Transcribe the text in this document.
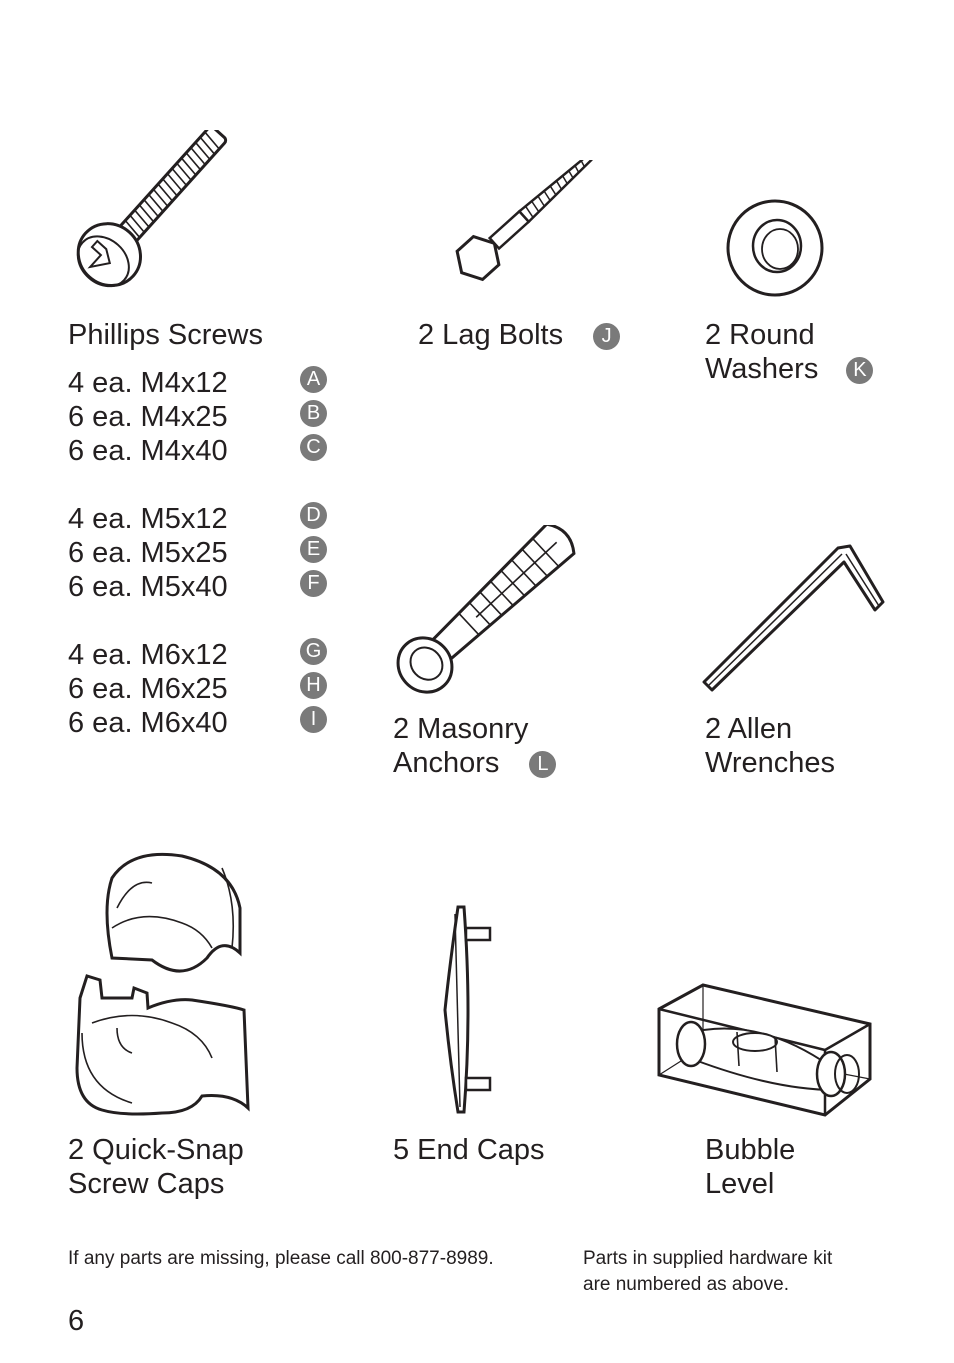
Phillips Screws
4 ea. M4x12	A
6 ea. M4x25	B
6 ea. M4x40	C
4 ea. M5x12	D
6 ea. M5x25	E
6 ea. M5x40	F
4 ea. M6x12	G
6 ea. M6x25	H
6 ea. M6x40	I
2 Lag Bolts J	2 Round
Washers K
2 Masonry
Anchors L
2 Allen
Wrenches
2 Quick-Snap
Screw Caps
5 End Caps	Bubble
Level
If any parts are missing, please call 800-877-8989.	Parts in supplied hardware kit
are numbered as above.
6
